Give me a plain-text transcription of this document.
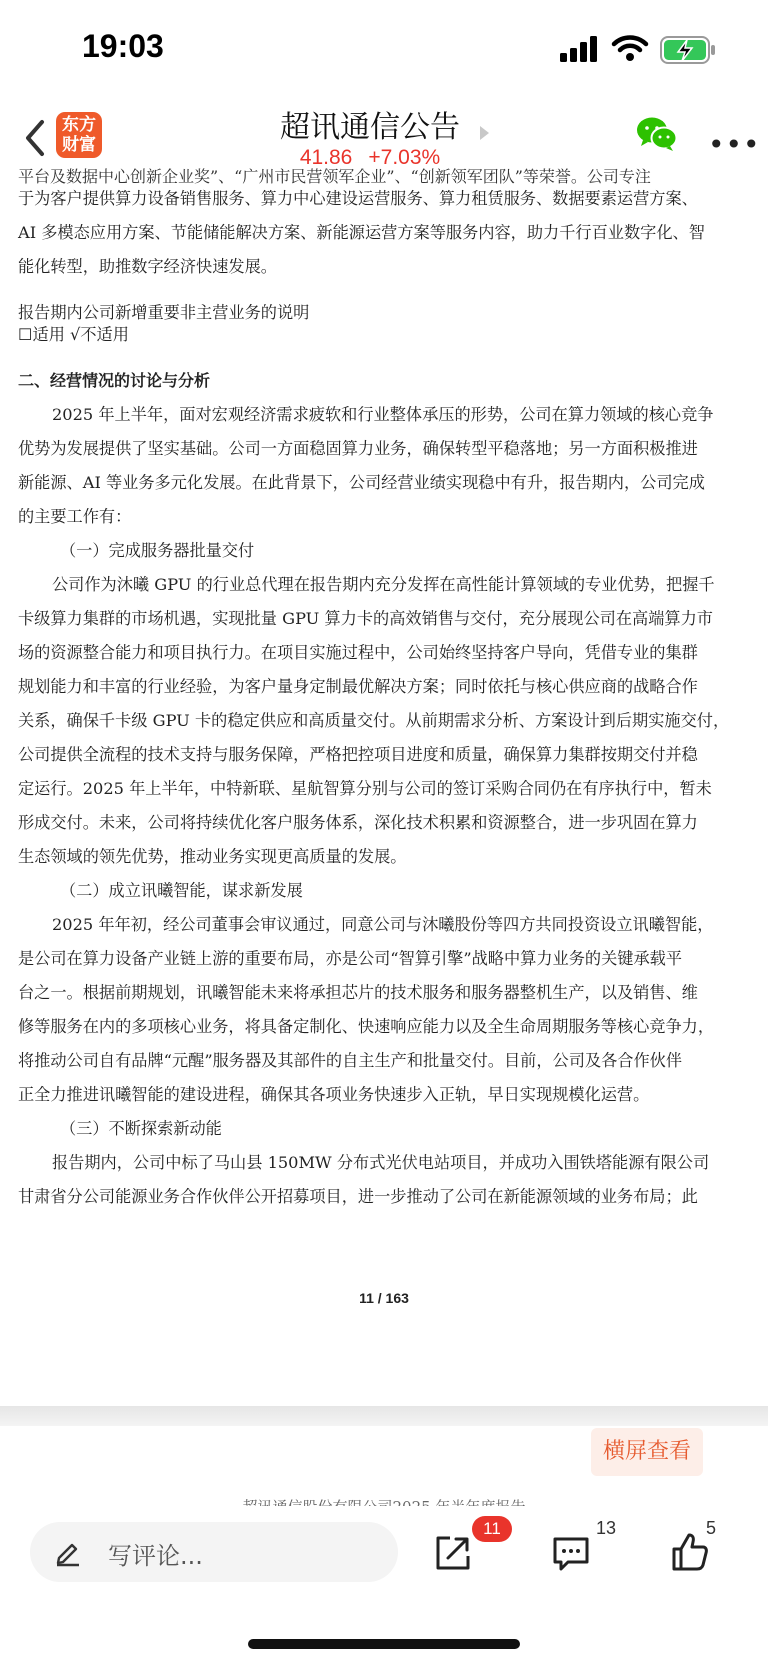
19:03
东方
财富	超讯通信公告
41.86 +7.03%	•••
平台及数据中心创新企业奖”、“广州市民营领军企业”、“创新领军团队”等荣誉。公司专注
于为客户提供算力设备销售服务、算力中心建设运营服务、算力租赁服务、数据要素运营方案、
AI 多模态应用方案、节能储能解决方案、新能源运营方案等服务内容，助力千行百业数字化、智
能化转型，助推数字经济快速发展。
报告期内公司新增重要非主营业务的说明
☐适用 √不适用
二、经营情况的讨论与分析
2025 年上半年，面对宏观经济需求疲软和行业整体承压的形势，公司在算力领域的核心竞争
优势为发展提供了坚实基础。公司一方面稳固算力业务，确保转型平稳落地；另一方面积极推进
新能源、AI 等业务多元化发展。在此背景下，公司经营业绩实现稳中有升，报告期内，公司完成
的主要工作有：
（一）完成服务器批量交付
公司作为沐曦 GPU 的行业总代理在报告期内充分发挥在高性能计算领域的专业优势，把握千
卡级算力集群的市场机遇，实现批量 GPU 算力卡的高效销售与交付，充分展现公司在高端算力市
场的资源整合能力和项目执行力。在项目实施过程中，公司始终坚持客户导向，凭借专业的集群
规划能力和丰富的行业经验，为客户量身定制最优解决方案；同时依托与核心供应商的战略合作
关系，确保千卡级 GPU 卡的稳定供应和高质量交付。从前期需求分析、方案设计到后期实施交付，
公司提供全流程的技术支持与服务保障，严格把控项目进度和质量，确保算力集群按期交付并稳
定运行。2025 年上半年，中特新联、星航智算分别与公司的签订采购合同仍在有序执行中，暂未
形成交付。未来，公司将持续优化客户服务体系，深化技术积累和资源整合，进一步巩固在算力
生态领域的领先优势，推动业务实现更高质量的发展。
（二）成立讯曦智能，谋求新发展
2025 年年初，经公司董事会审议通过，同意公司与沐曦股份等四方共同投资设立讯曦智能，
是公司在算力设备产业链上游的重要布局，亦是公司“智算引擎”战略中算力业务的关键承载平
台之一。根据前期规划，讯曦智能未来将承担芯片的技术服务和服务器整机生产，以及销售、维
修等服务在内的多项核心业务，将具备定制化、快速响应能力以及全生命周期服务等核心竞争力，
将推动公司自有品牌“元醒”服务器及其部件的自主生产和批量交付。目前，公司及各合作伙伴
正全力推进讯曦智能的建设进程，确保其各项业务快速步入正轨，早日实现规模化运营。
（三）不断探索新动能
报告期内，公司中标了马山县 150MW 分布式光伏电站项目，并成功入围铁塔能源有限公司
甘肃省分公司能源业务合作伙伴公开招募项目，进一步推动了公司在新能源领域的业务布局；此
11 / 163
横屏查看
写评论...
11	13	5
